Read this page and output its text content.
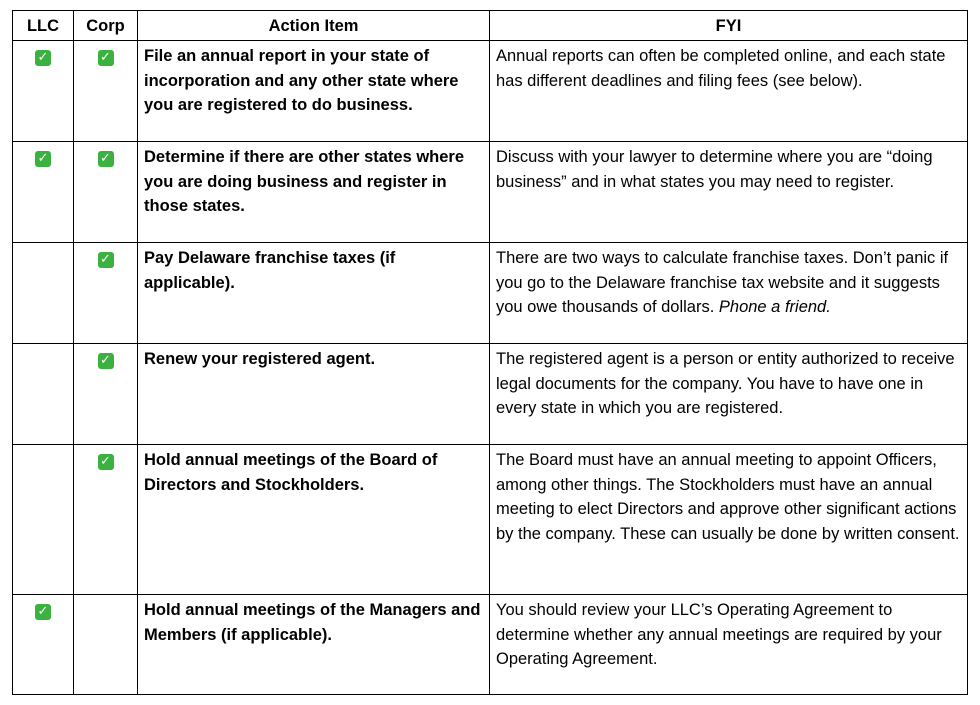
LLC	Corp	Action Item	FYI
✓	✓	File an annual report in your state of incorporation and any other state where you are registered to do business.	Annual reports can often be completed online, and each state has different deadlines and filing fees (see below).
✓	✓	Determine if there are other states where you are doing business and register in those states.	Discuss with your lawyer to determine where you are “doing business” and in what states you may need to register.
	✓	Pay Delaware franchise taxes (if applicable).	There are two ways to calculate franchise taxes. Don’t panic if you go to the Delaware franchise tax website and it suggests you owe thousands of dollars. Phone a friend.
	✓	Renew your registered agent.	The registered agent is a person or entity authorized to receive legal documents for the company. You have to have one in every state in which you are registered.
	✓	Hold annual meetings of the Board of Directors and Stockholders.	The Board must have an annual meeting to appoint Officers, among other things. The Stockholders must have an annual meeting to elect Directors and approve other significant actions by the company. These can usually be done by written consent.
✓		Hold annual meetings of the Managers and Members (if applicable).	You should review your LLC’s Operating Agreement to determine whether any annual meetings are required by your Operating Agreement.
